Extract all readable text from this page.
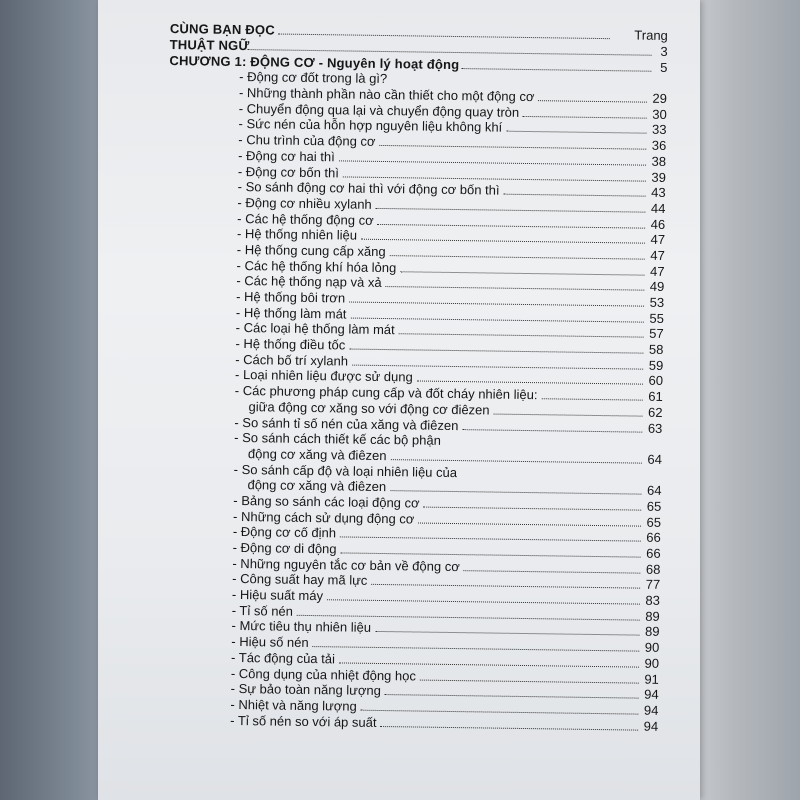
CÙNG BẠN ĐỌC	Trang
THUẬT NGỮ	3
CHƯƠNG 1: ĐỘNG CƠ - Nguyên lý hoạt động	5
- Động cơ đốt trong là gì?
- Những thành phần nào cần thiết cho một động cơ	29
- Chuyển động qua lại và chuyển động quay tròn	30
- Sức nén của hỗn hợp nguyên liệu không khí	33
- Chu trình của động cơ	36
- Động cơ hai thì	38
- Động cơ bốn thì	39
- So sánh động cơ hai thì với động cơ bốn thì	43
- Động cơ nhiều xylanh	44
- Các hệ thống động cơ	46
- Hệ thống nhiên liệu	47
- Hệ thống cung cấp xăng	47
- Các hệ thống khí hóa lỏng	47
- Các hệ thống nạp và xả	49
- Hệ thống bôi trơn	53
- Hệ thống làm mát	55
- Các loại hệ thống làm mát	57
- Hệ thống điều tốc	58
- Cách bố trí xylanh	59
- Loại nhiên liệu được sử dụng	60
- Các phương pháp cung cấp và đốt cháy nhiên liệu:	61
giữa động cơ xăng so với động cơ điêzen	62
- So sánh tỉ số nén của xăng và điêzen	63
- So sánh cách thiết kế các bộ phận
động cơ xăng và điêzen	64
- So sánh cấp độ và loại nhiên liệu của
động cơ xăng và điêzen	64
- Bảng so sánh các loại động cơ	65
- Những cách sử dụng động cơ	65
- Động cơ cố định	66
- Động cơ di động	66
- Những nguyên tắc cơ bản về động cơ	68
- Công suất hay mã lực	77
- Hiệu suất máy	83
- Tỉ số nén	89
- Mức tiêu thụ nhiên liệu	89
- Hiệu số nén	90
- Tác động của tải	90
- Công dụng của nhiệt động học	91
- Sự bảo toàn năng lượng	94
- Nhiệt và năng lượng	94
- Tỉ số nén so với áp suất	94
